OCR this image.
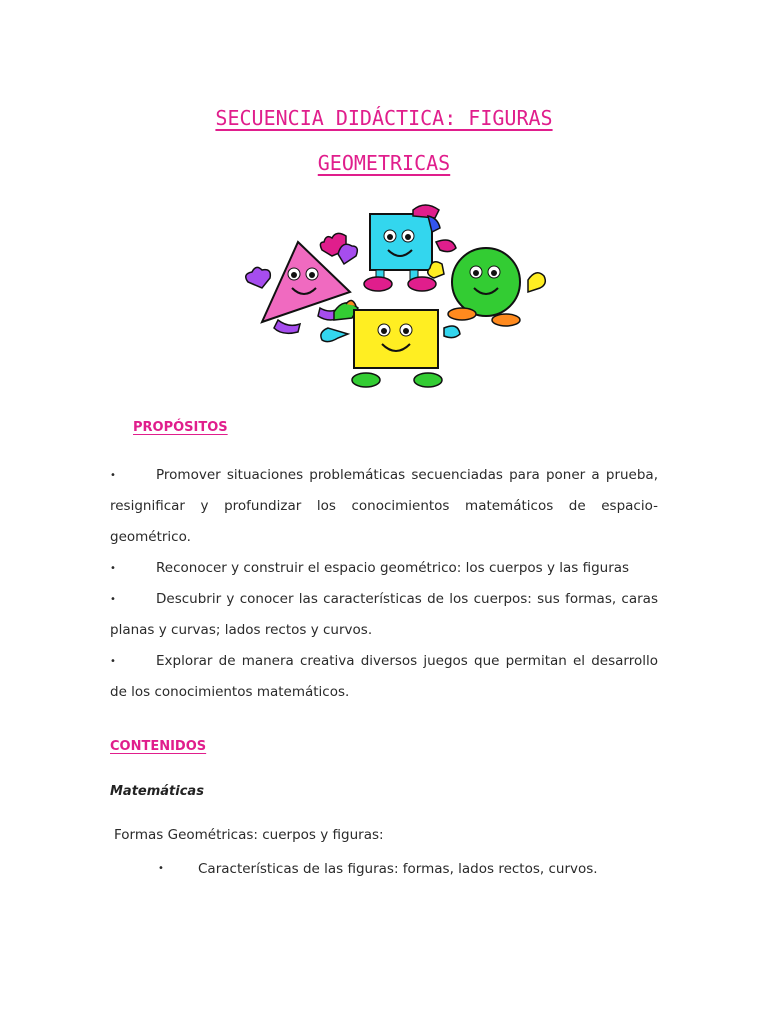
SECUENCIA DIDÁCTICA: FIGURAS
GEOMETRICAS
PROPÓSITOS
• Promover situaciones problemáticas secuenciadas para poner a prueba, resignificar y profundizar los conocimientos matemáticos de espacio-geométrico.
• Reconocer y construir el espacio geométrico: los cuerpos y las figuras
• Descubrir y conocer las características de los cuerpos: sus formas, caras planas y curvas; lados rectos y curvos.
• Explorar de manera creativa diversos juegos que permitan el desarrollo de los conocimientos matemáticos.
CONTENIDOS

Matemáticas

Formas Geométricas: cuerpos y figuras:

• Características de las figuras: formas, lados rectos, curvos.
